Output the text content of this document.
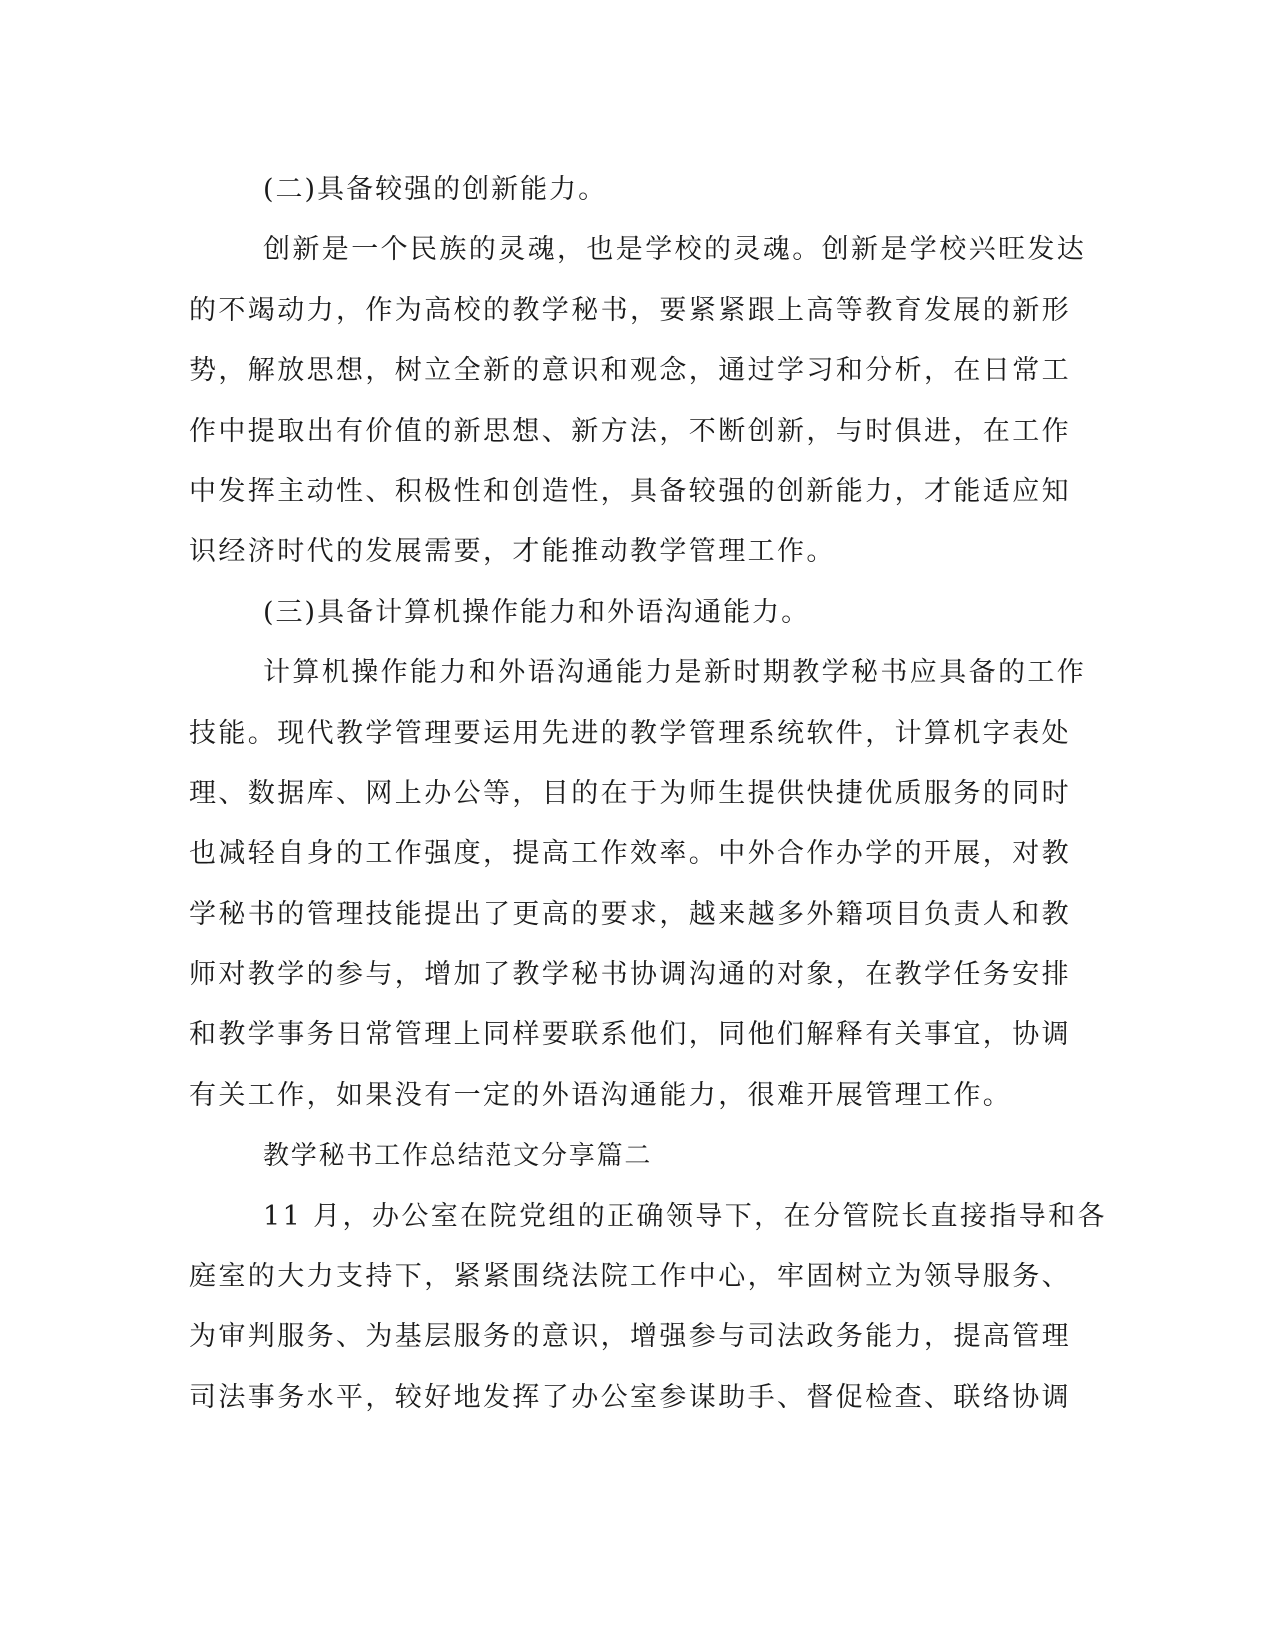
(二)具备较强的创新能力。
创新是一个民族的灵魂，也是学校的灵魂。创新是学校兴旺发达
的不竭动力，作为高校的教学秘书，要紧紧跟上高等教育发展的新形
势，解放思想，树立全新的意识和观念，通过学习和分析，在日常工
作中提取出有价值的新思想、新方法，不断创新，与时俱进，在工作
中发挥主动性、积极性和创造性，具备较强的创新能力，才能适应知
识经济时代的发展需要，才能推动教学管理工作。
(三)具备计算机操作能力和外语沟通能力。
计算机操作能力和外语沟通能力是新时期教学秘书应具备的工作
技能。现代教学管理要运用先进的教学管理系统软件，计算机字表处
理、数据库、网上办公等，目的在于为师生提供快捷优质服务的同时
也减轻自身的工作强度，提高工作效率。中外合作办学的开展，对教
学秘书的管理技能提出了更高的要求，越来越多外籍项目负责人和教
师对教学的参与，增加了教学秘书协调沟通的对象，在教学任务安排
和教学事务日常管理上同样要联系他们，同他们解释有关事宜，协调
有关工作，如果没有一定的外语沟通能力，很难开展管理工作。
教学秘书工作总结范文分享篇二
11 月，办公室在院党组的正确领导下，在分管院长直接指导和各
庭室的大力支持下，紧紧围绕法院工作中心，牢固树立为领导服务、
为审判服务、为基层服务的意识，增强参与司法政务能力，提高管理
司法事务水平，较好地发挥了办公室参谋助手、督促检查、联络协调
